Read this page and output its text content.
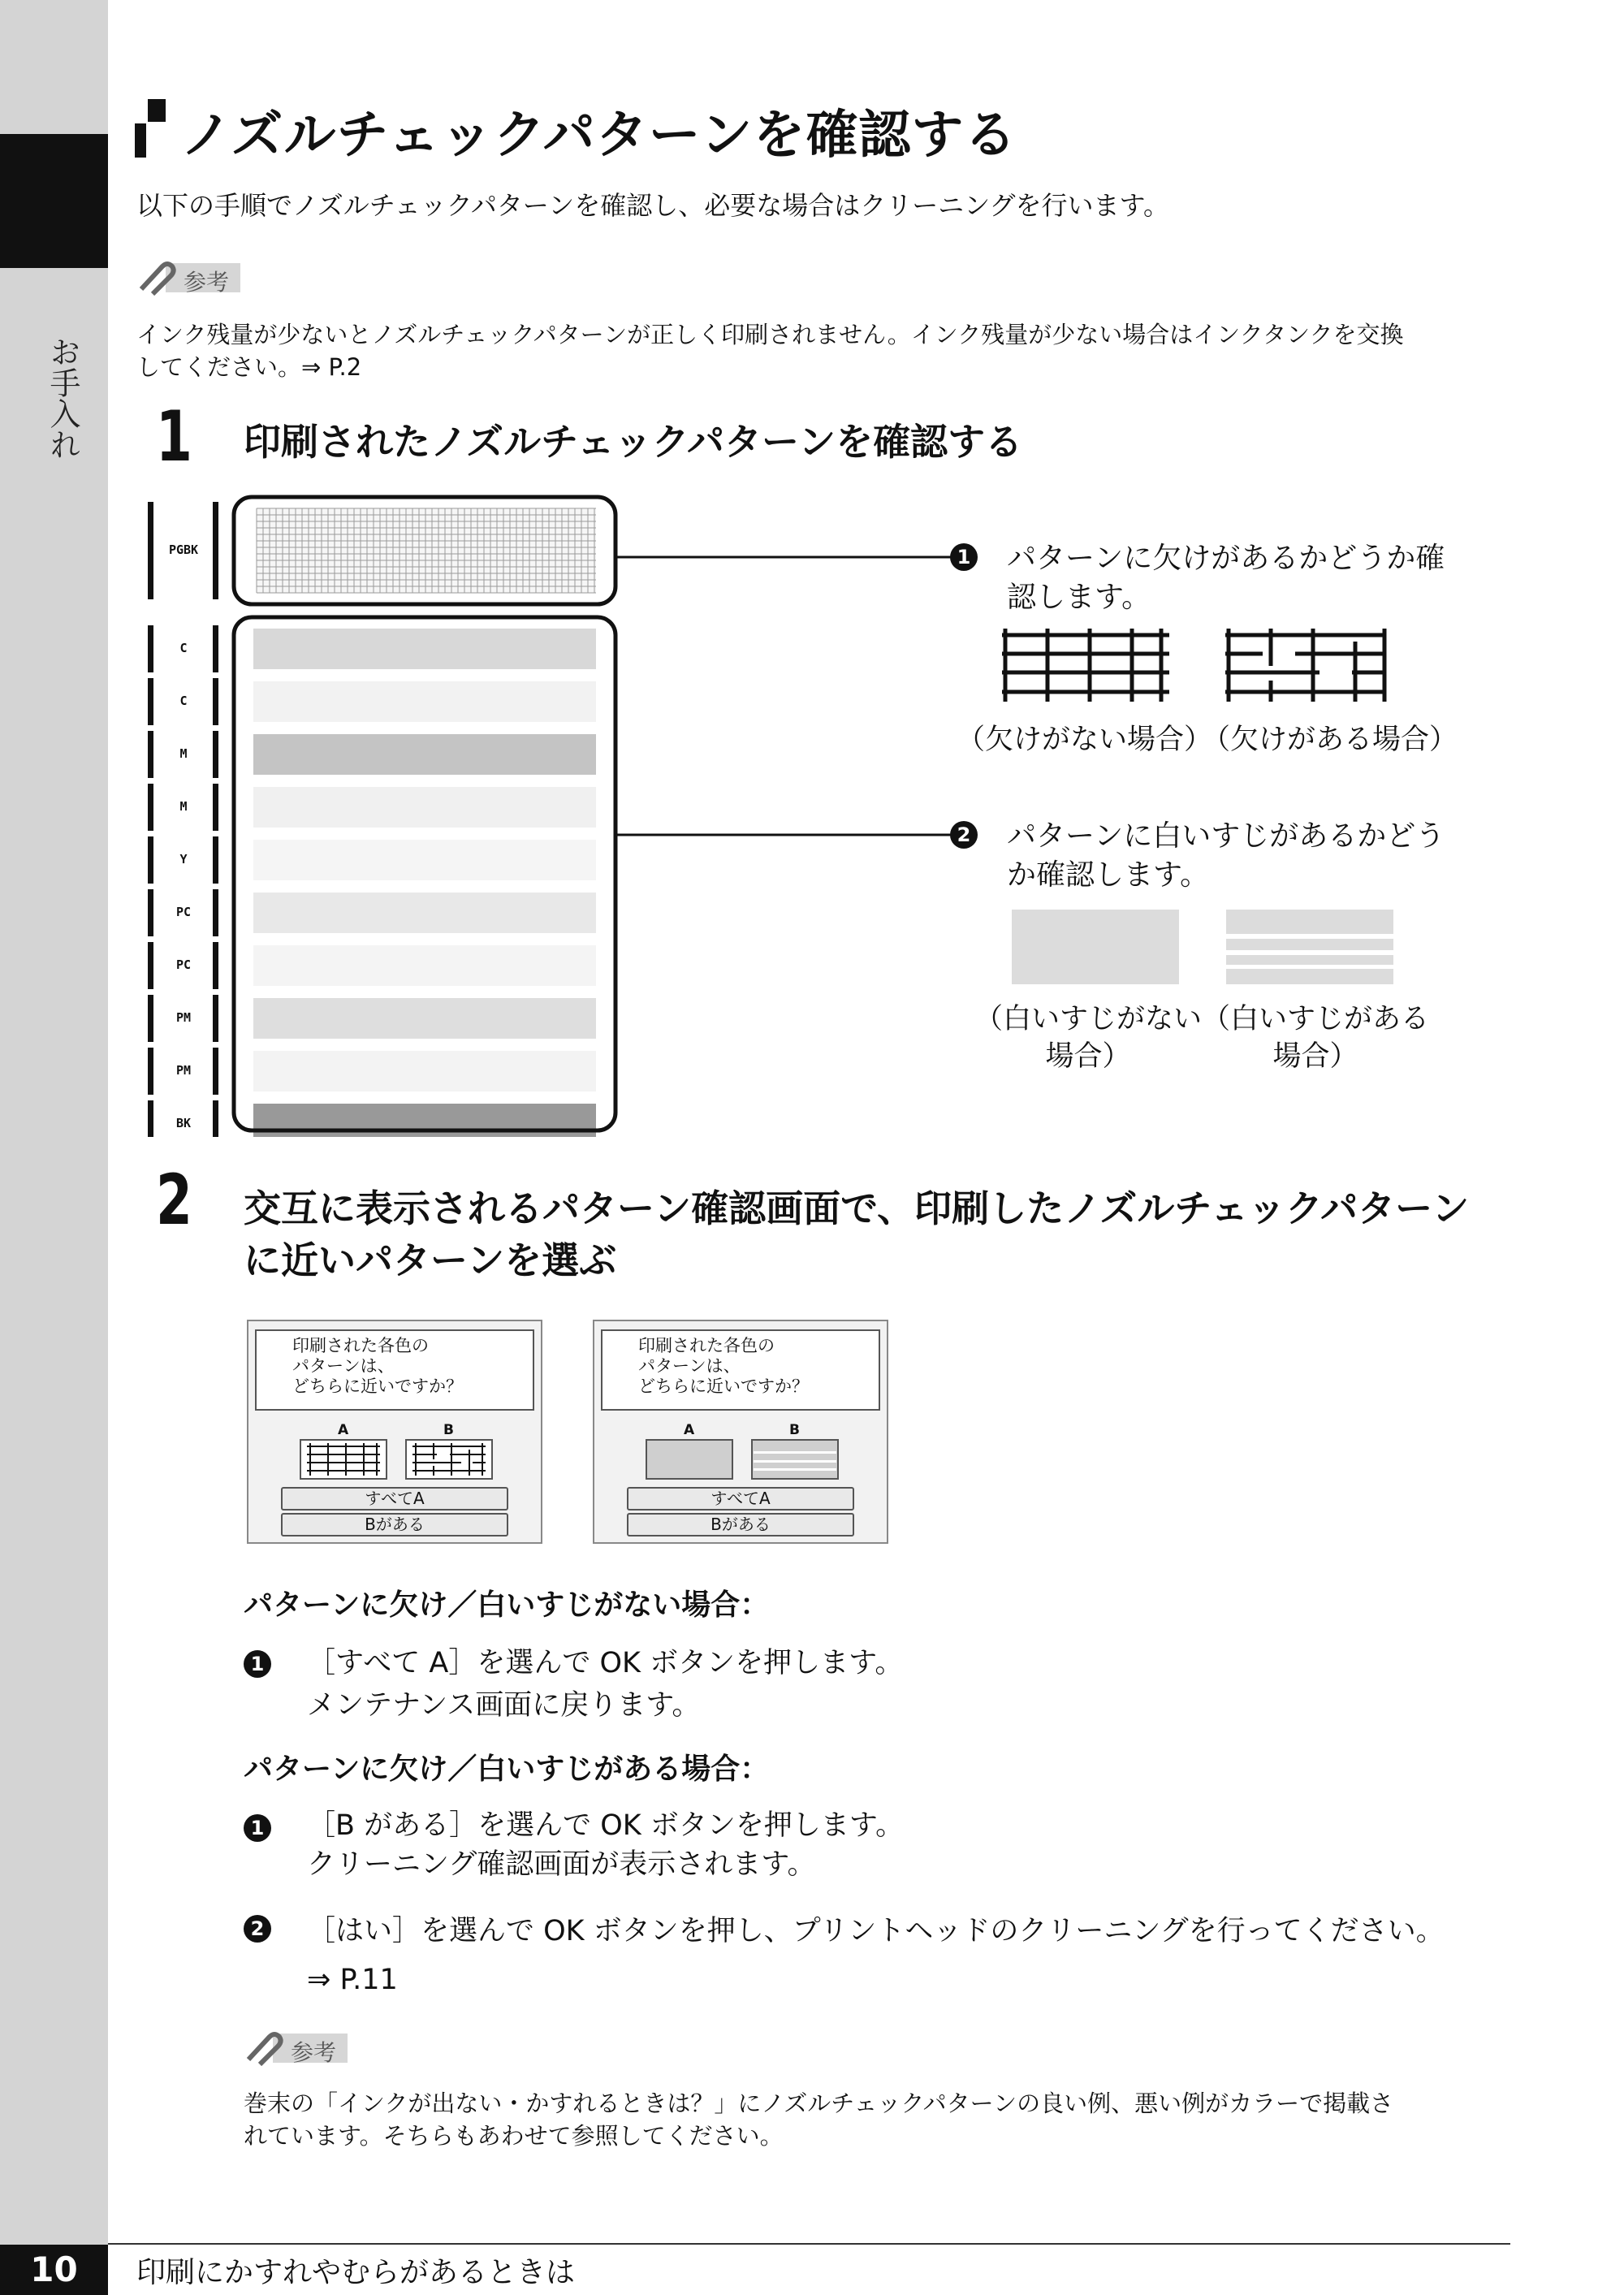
お手入れ
ノズルチェックパターンを確認する
以下の手順でノズルチェックパターンを確認し、必要な場合はクリーニングを行います。
参考
インク残量が少ないとノズルチェックパターンが正しく印刷されません。インク残量が少ない場合はインクタンクを交換
してください。⇒ P.2
1 印刷されたノズルチェックパターンを確認する
PGBK
C
C
M
M
Y
PC
PC
PM
PM
BK
1 パターンに欠けがあるかどうか確
認します。
（欠けがない場合）
（欠けがある場合）
2 パターンに白いすじがあるかどう
か確認します。
（白いすじがない
場合）
（白いすじがある
場合）
2 交互に表示されるパターン確認画面で、印刷したノズルチェックパターン
に近いパターンを選ぶ
印刷された各色の
パターンは、
どちらに近いですか？
A	B
すべてA
Bがある
印刷された各色の
パターンは、
どちらに近いですか？
A	B
すべてA
Bがある
パターンに欠け／白いすじがない場合：
1 ［すべて A］を選んで OK ボタンを押します。
メンテナンス画面に戻ります。
パターンに欠け／白いすじがある場合：
1 ［B がある］を選んで OK ボタンを押します。
クリーニング確認画面が表示されます。
2 ［はい］を選んで OK ボタンを押し、プリントヘッドのクリーニングを行ってください。
⇒ P.11
参考
巻末の「インクが出ない・かすれるときは？」にノズルチェックパターンの良い例、悪い例がカラーで掲載さ
れています。そちらもあわせて参照してください。
10	印刷にかすれやむらがあるときは
